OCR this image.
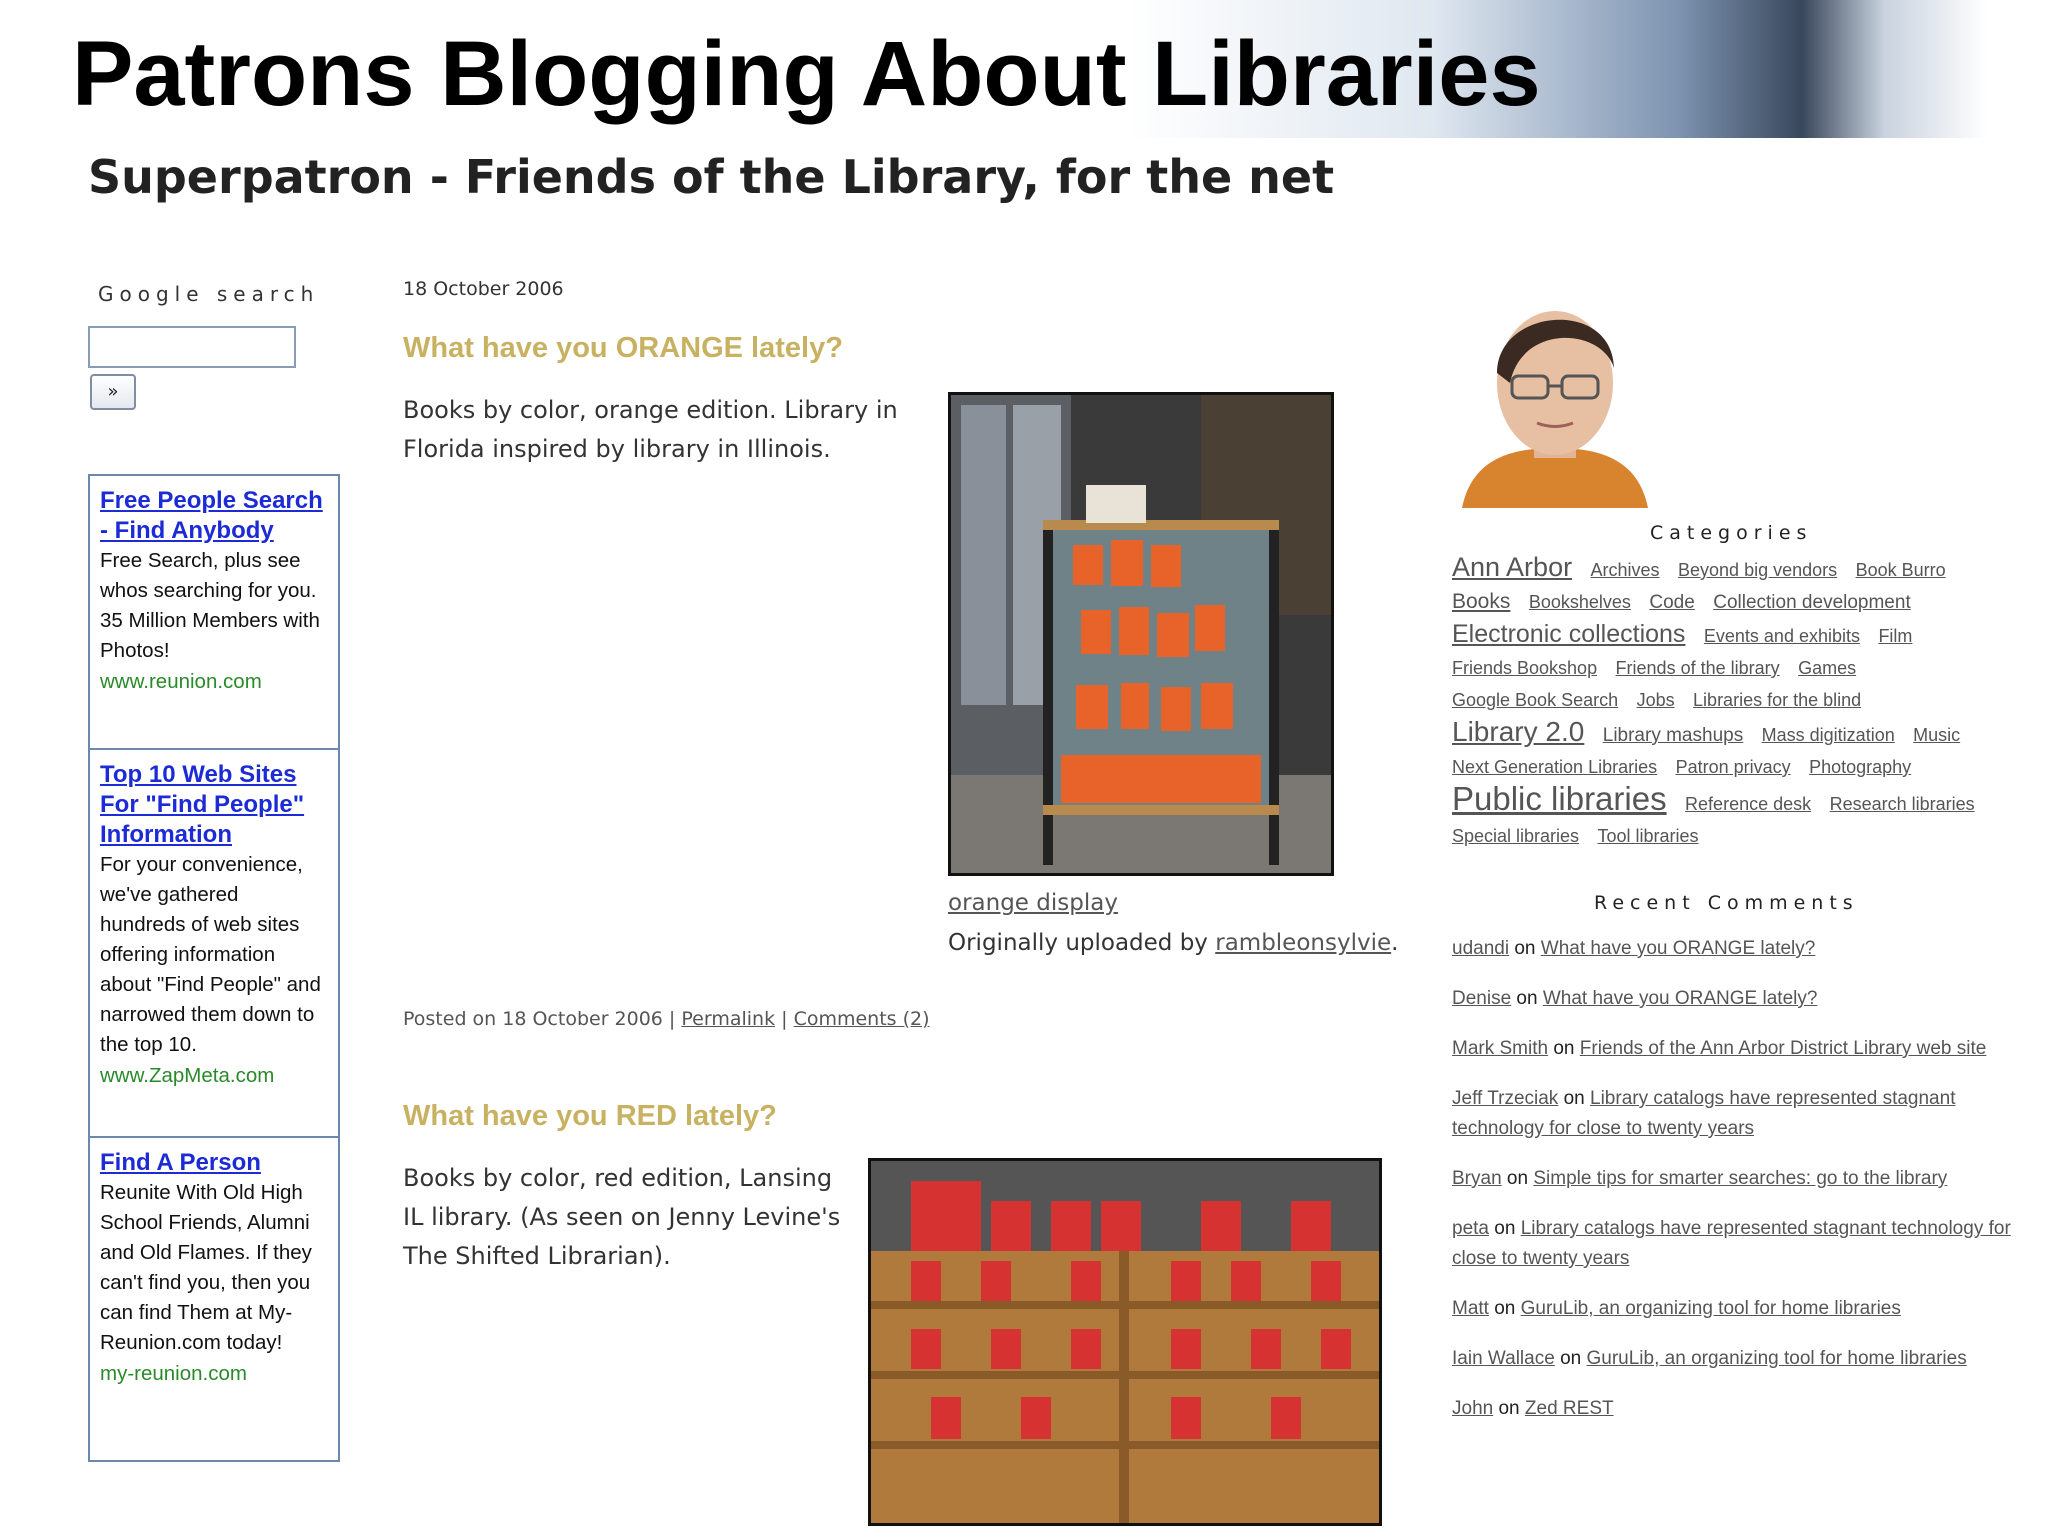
Patrons Blogging About Libraries
Superpatron - Friends of the Library, for the net
Google search
»
Free People Search - Find Anybody
Free Search, plus see whos searching for you. 35 Million Members with Photos!
www.reunion.com
Top 10 Web Sites For "Find People" Information
For your convenience, we've gathered hundreds of web sites offering information about "Find People" and narrowed them down to the top 10.
www.ZapMeta.com
Find A Person
Reunite With Old High School Friends, Alumni and Old Flames. If they can't find you, then you can find Them at My-Reunion.com today!
my-reunion.com
18 October 2006
What have you ORANGE lately?
Books by color, orange edition. Library in Florida inspired by library in Illinois.
orange display
Originally uploaded by rambleonsylvie.
Posted on 18 October 2006 | Permalink | Comments (2)
What have you RED lately?
Books by color, red edition, Lansing IL library. (As seen on Jenny Levine's The Shifted Librarian).
Categories
Ann Arbor Archives Beyond big vendors Book Burro Books Bookshelves Code Collection development Electronic collections Events and exhibits Film Friends Bookshop Friends of the library Games Google Book Search Jobs Libraries for the blind Library 2.0 Library mashups Mass digitization Music Next Generation Libraries Patron privacy Photography Public libraries Reference desk Research libraries Special libraries Tool libraries
Recent Comments
udandi on What have you ORANGE lately?
Denise on What have you ORANGE lately?
Mark Smith on Friends of the Ann Arbor District Library web site
Jeff Trzeciak on Library catalogs have represented stagnant technology for close to twenty years
Bryan on Simple tips for smarter searches: go to the library
peta on Library catalogs have represented stagnant technology for close to twenty years
Matt on GuruLib, an organizing tool for home libraries
Iain Wallace on GuruLib, an organizing tool for home libraries
John on Zed REST
